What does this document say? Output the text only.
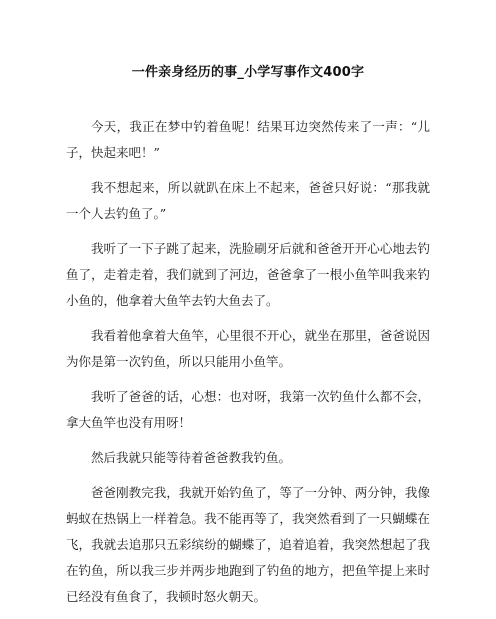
一件亲身经历的事_小学写事作文400字

今天，我正在梦中钓着鱼呢！结果耳边突然传来了一声：“儿子，快起来吧！”

我不想起来，所以就趴在床上不起来，爸爸只好说：“那我就一个人去钓鱼了。”

我听了一下子跳了起来，洗脸刷牙后就和爸爸开开心心地去钓鱼了，走着走着，我们就到了河边，爸爸拿了一根小鱼竿叫我来钓小鱼的，他拿着大鱼竿去钓大鱼去了。

我看着他拿着大鱼竿，心里很不开心，就坐在那里，爸爸说因为你是第一次钓鱼，所以只能用小鱼竿。

我听了爸爸的话，心想：也对呀，我第一次钓鱼什么都不会，拿大鱼竿也没有用呀！

然后我就只能等待着爸爸教我钓鱼。

爸爸刚教完我，我就开始钓鱼了，等了一分钟、两分钟，我像蚂蚁在热锅上一样着急。我不能再等了，我突然看到了一只蝴蝶在飞，我就去追那只五彩缤纷的蝴蝶了，追着追着，我突然想起了我在钓鱼，所以我三步并两步地跑到了钓鱼的地方，把鱼竿提上来时已经没有鱼食了，我顿时怒火朝天。
